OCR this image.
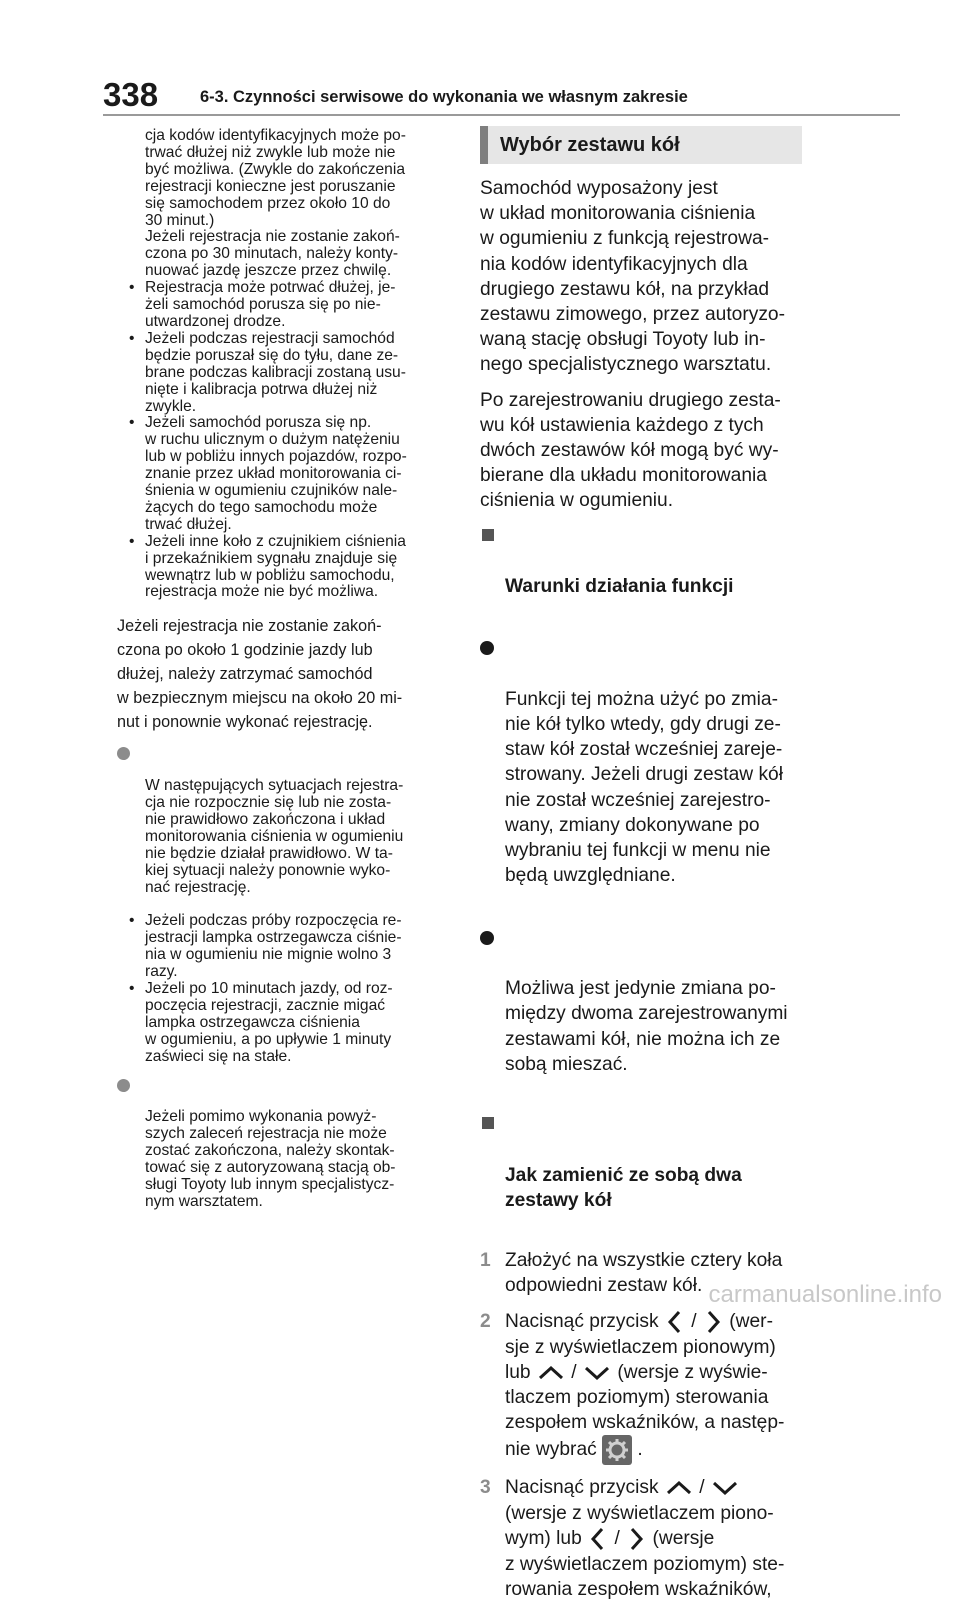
338	6-3. Czynności serwisowe do wykonania we własnym zakresie
cja kodów identyfikacyjnych może po-
trwać dłużej niż zwykle lub może nie
być możliwa. (Zwykle do zakończenia
rejestracji konieczne jest poruszanie
się samochodem przez około 10 do
30 minut.)
Jeżeli rejestracja nie zostanie zakoń-
czona po 30 minutach, należy konty-
nuować jazdę jeszcze przez chwilę.
• Rejestracja może potrwać dłużej, je-
żeli samochód porusza się po nie-
utwardzonej drodze.
• Jeżeli podczas rejestracji samochód
będzie poruszał się do tyłu, dane ze-
brane podczas kalibracji zostaną usu-
nięte i kalibracja potrwa dłużej niż
zwykle.
• Jeżeli samochód porusza się np.
w ruchu ulicznym o dużym natężeniu
lub w pobliżu innych pojazdów, rozpo-
znanie przez układ monitorowania ci-
śnienia w ogumieniu czujników nale-
żących do tego samochodu może
trwać dłużej.
• Jeżeli inne koło z czujnikiem ciśnienia
i przekaźnikiem sygnału znajduje się
wewnątrz lub w pobliżu samochodu,
rejestracja może nie być możliwa.
Jeżeli rejestracja nie zostanie zakoń-
czona po około 1 godzinie jazdy lub
dłużej, należy zatrzymać samochód
w bezpiecznym miejscu na około 20 mi-
nut i ponownie wykonać rejestrację.

W następujących sytuacjach rejestra-
cja nie rozpocznie się lub nie zosta-
nie prawidłowo zakończona i układ
monitorowania ciśnienia w ogumieniu
nie będzie działał prawidłowo. W ta-
kiej sytuacji należy ponownie wyko-
nać rejestrację.

• Jeżeli podczas próby rozpoczęcia re-
jestracji lampka ostrzegawcza ciśnie-
nia w ogumieniu nie mignie wolno 3
razy.
• Jeżeli po 10 minutach jazdy, od roz-
poczęcia rejestracji, zacznie migać
lampka ostrzegawcza ciśnienia
w ogumieniu, a po upływie 1 minuty
zaświeci się na stałe.

Jeżeli pomimo wykonania powyż-
szych zaleceń rejestracja nie może
zostać zakończona, należy skontak-
tować się z autoryzowaną stacją ob-
sługi Toyoty lub innym specjalistycz-
nym warsztatem.

Wybór zestawu kół
Samochód wyposażony jest
w układ monitorowania ciśnienia
w ogumieniu z funkcją rejestrowa-
nia kodów identyfikacyjnych dla
drugiego zestawu kół, na przykład
zestawu zimowego, przez autoryzo-
waną stację obsługi Toyoty lub in-
nego specjalistycznego warsztatu.
Po zarejestrowaniu drugiego zesta-
wu kół ustawienia każdego z tych
dwóch zestawów kół mogą być wy-
bierane dla układu monitorowania
ciśnienia w ogumieniu.

Warunki działania funkcji

Funkcji tej można użyć po zmia-
nie kół tylko wtedy, gdy drugi ze-
staw kół został wcześniej zareje-
strowany. Jeżeli drugi zestaw kół
nie został wcześniej zarejestro-
wany, zmiany dokonywane po
wybraniu tej funkcji w menu nie
będą uwzględniane.

Możliwa jest jedynie zmiana po-
między dwoma zarejestrowanymi
zestawami kół, nie można ich ze
sobą mieszać.

Jak zamienić ze sobą dwa
zestawy kół

1 Założyć na wszystkie cztery koła
odpowiedni zestaw kół.
2 Nacisnąć przycisk / (wer-
sje z wyświetlaczem pionowym)
lub / (wersje z wyświe-
tlaczem poziomym) sterowania
zespołem wskaźników, a następ-
nie wybrać .
3 Nacisnąć przycisk /
(wersje z wyświetlaczem piono-
wym) lub / (wersje
z wyświetlaczem poziomym) ste-
rowania zespołem wskaźników,
carmanualsonline.info
